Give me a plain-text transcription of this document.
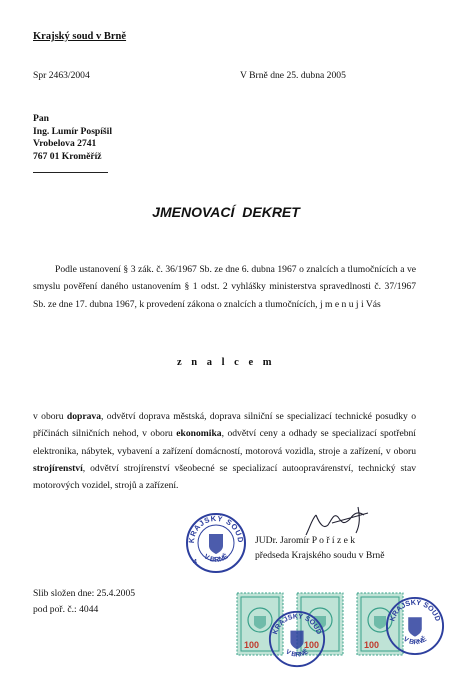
Krajský soud v Brně
Spr 2463/2004	V Brně dne 25. dubna 2005
Pan
Ing. Lumír Pospíšil
Vrobelova 2741
767 01 Kroměříž
JMENOVACÍ DEKRET
Podle ustanovení § 3 zák. č. 36/1967 Sb. ze dne 6. dubna 1967 o znalcích a tlumočnících a ve smyslu pověření daného ustanovením § 1 odst. 2 vyhlášky ministerstva spravedlnosti č. 37/1967 Sb. ze dne 17. dubna 1967, k provedení zákona o znalcích a tlumočnících, j m e n u j i Vás
z n a l c e m
v oboru doprava, odvětví doprava městská, doprava silniční se specializací technické posudky o příčinách silničních nehod, v oboru ekonomika, odvětví ceny a odhady se specializací spotřební elektronika, nábytek, vybavení a zařízení domácností, motorová vozidla, stroje a zařízení, v oboru strojírenství, odvětví strojírenství všeobecné se specializací autoopravárenství, technický stav motorových vozidel, strojů a zařízení.
KRAJSKÝ SOUD
V BRNĚ
4
JUDr. Jaromír P o ř í z e k
předseda Krajského soudu v Brně
Slib složen dne: 25.4.2005
pod poř. č.: 4044
100	100	100
KRAJSKÝ SOUD
V BRNĚ
KRAJSKÝ SOUD
V BRNĚ
